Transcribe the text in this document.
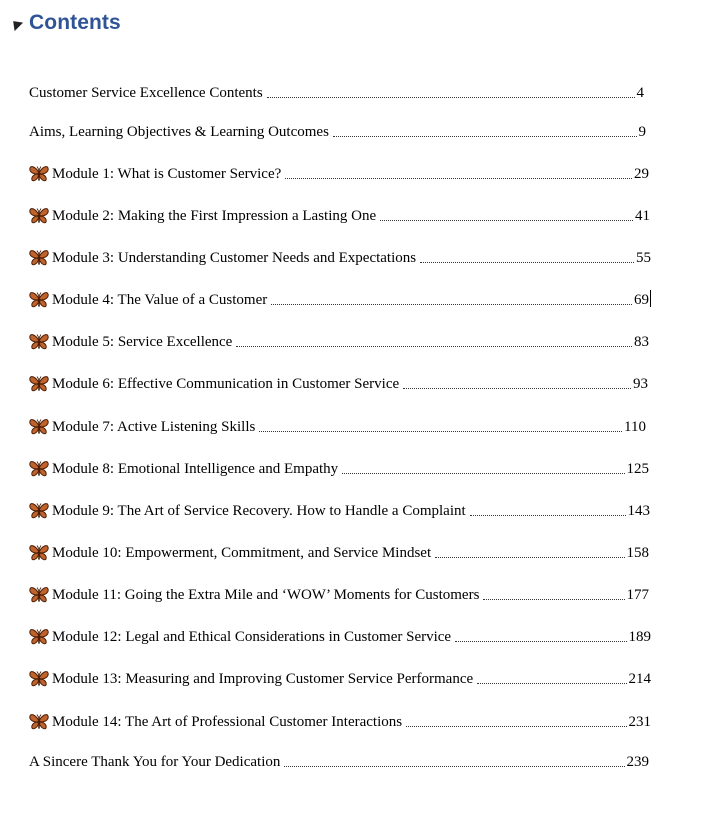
Contents
Customer Service Excellence Contents	4
Aims, Learning Objectives & Learning Outcomes	9
Module 1: What is Customer Service?	29
Module 2: Making the First Impression a Lasting One	41
Module 3: Understanding Customer Needs and Expectations	55
Module 4: The Value of a Customer	69
Module 5: Service Excellence	83
Module 6: Effective Communication in Customer Service	93
Module 7: Active Listening Skills	110
Module 8: Emotional Intelligence and Empathy	125
Module 9: The Art of Service Recovery. How to Handle a Complaint	143
Module 10: Empowerment, Commitment, and Service Mindset	158
Module 11: Going the Extra Mile and ‘WOW’ Moments for Customers	177
Module 12: Legal and Ethical Considerations in Customer Service	189
Module 13: Measuring and Improving Customer Service Performance	214
Module 14: The Art of Professional Customer Interactions	231
A Sincere Thank You for Your Dedication	239
